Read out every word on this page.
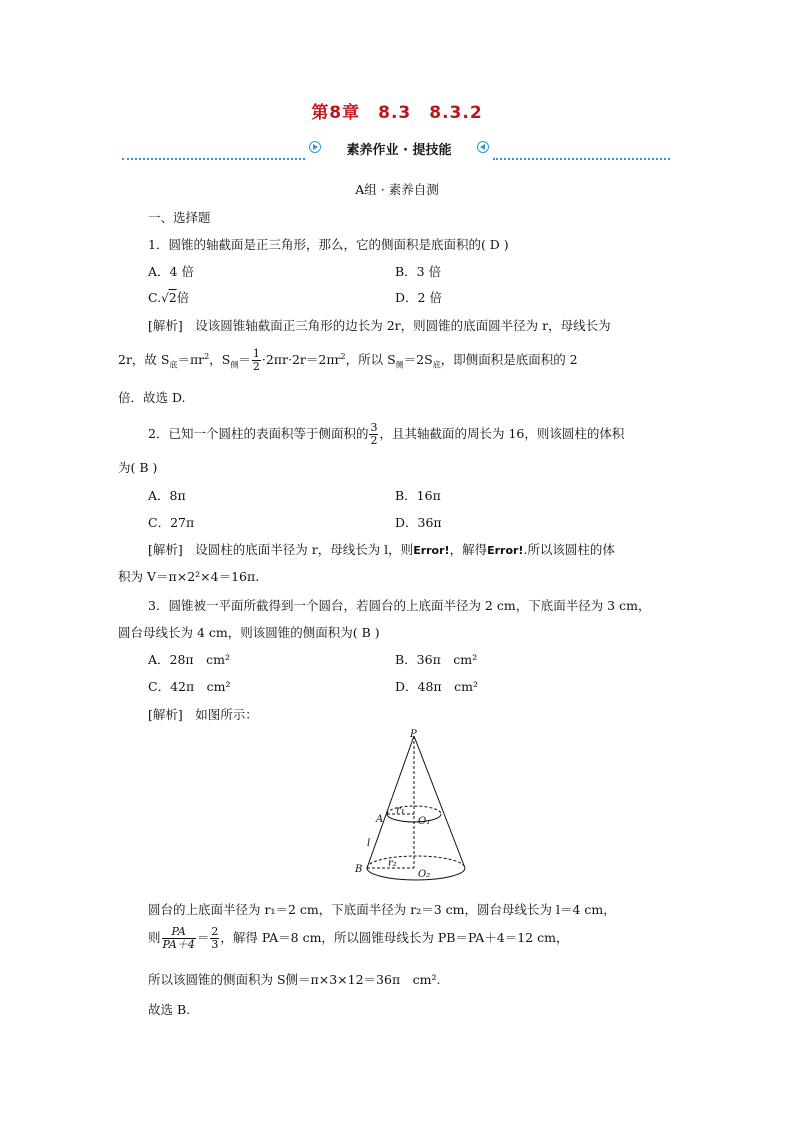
第8章　8.3　8.3.2
素养作业 · 提技能
A组 · 素养自测
一、选择题
1．圆锥的轴截面是正三角形，那么，它的侧面积是底面积的( D )
A．4 倍	B．3 倍
C.√2倍	D．2 倍
[解析]　设该圆锥轴截面正三角形的边长为 2r，则圆锥的底面圆半径为 r，母线长为
2r，故 $S_底=\pi r^2$，$S_侧= \frac{1}{2} \cdot 2\pi r\cdot 2r=2\pi r^2$，所以 $S_侧=2S_底$，即侧面积是底面积的 2
倍．故选 D.
2．已知一个圆柱的表面积等于侧面积的 $\frac{3}{2}$ ，且其轴截面的周长为 16，则该圆柱的体积
为( B )
A．8π	B．16π
C．27π	D．36π
[解析]　设圆柱的底面半径为 r，母线长为 l，则Error!，解得Error!.所以该圆柱的体
积为 V＝π×2²×4＝16π.
3．圆锥被一平面所截得到一个圆台，若圆台的上底面半径为 2 cm，下底面半径为 3 cm，
圆台母线长为 4 cm，则该圆锥的侧面积为( B )
A．28π　cm²	B．36π　cm²
C．42π　cm²	D．48π　cm²
[解析]　如图所示：
P
A
B
O₁
O₂
r₁
r₂
l
圆台的上底面半径为 r₁＝2 cm，下底面半径为 r₂＝3 cm，圆台母线长为 l＝4 cm，
则 $\frac{PA}{PA+4} = \frac{2}{3}$ ，解得 PA＝8 cm，所以圆锥母线长为 PB＝PA＋4＝12 cm，
所以该圆锥的侧面积为 S侧＝π×3×12＝36π　cm².
故选 B.
